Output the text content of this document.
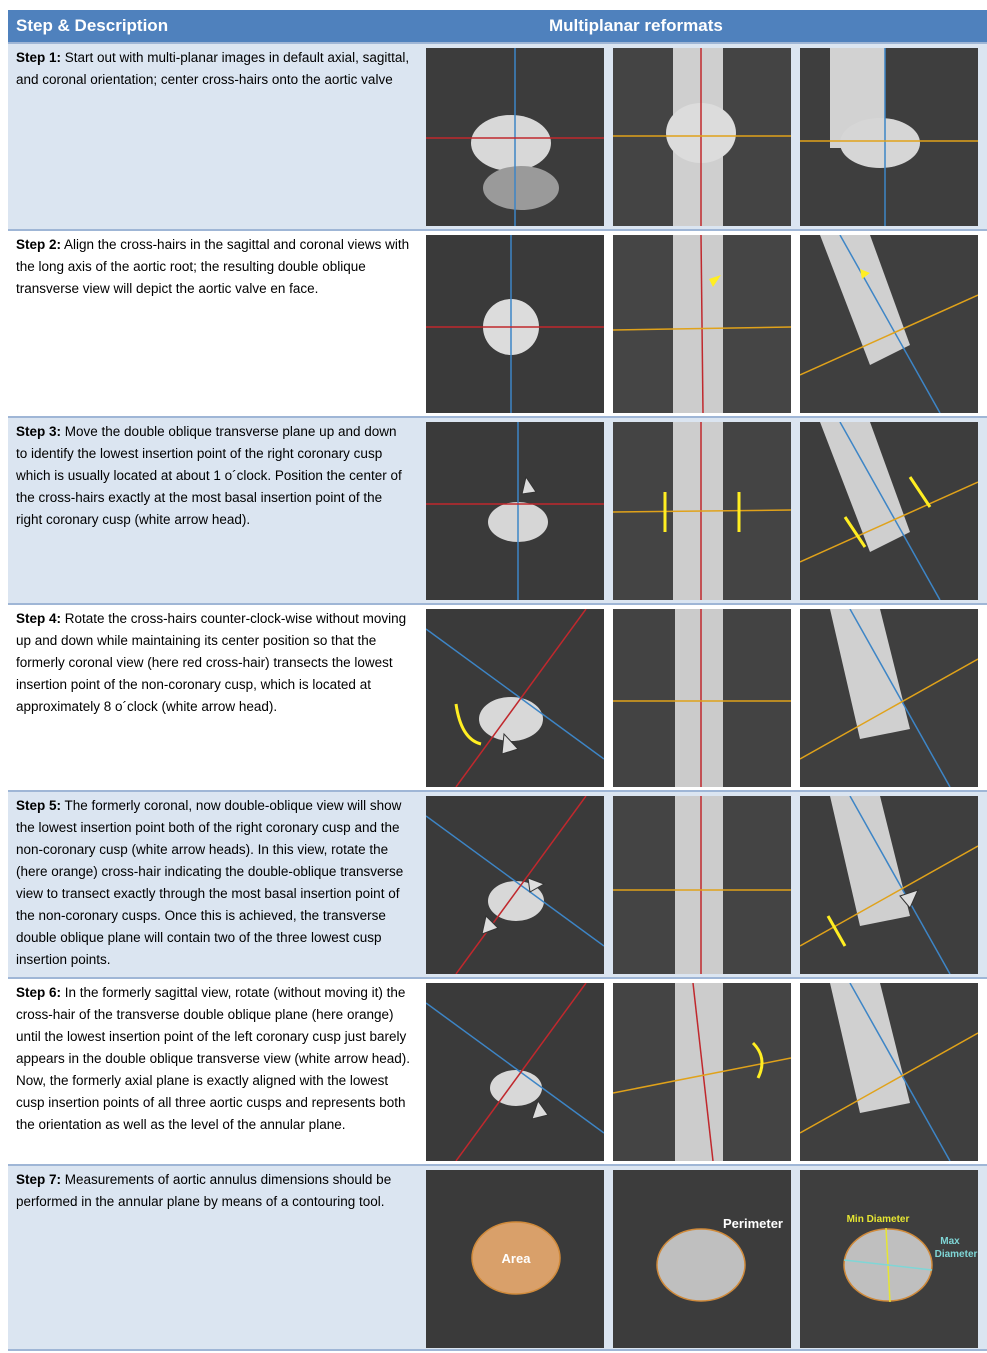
Step & Description	Multiplanar reformats
Step 1: Start out with multi-planar images in default axial, sagittal, and coronal orientation; center cross-hairs onto the aortic valve
Step 2: Align the cross-hairs in the sagittal and coronal views with the long axis of the aortic root; the resulting double oblique transverse view will depict the aortic valve en face.
Step 3: Move the double oblique transverse plane up and down to identify the lowest insertion point of the right coronary cusp which is usually located at about 1 o´clock. Position the center of the cross-hairs exactly at the most basal insertion point of the right coronary cusp (white arrow head).
Step 4: Rotate the cross-hairs counter-clock-wise without moving up and down while maintaining its center position so that the formerly coronal view (here red cross-hair) transects the lowest insertion point of the non-coronary cusp, which is located at approximately 8 o´clock (white arrow head).
Step 5: The formerly coronal, now double-oblique view will show the lowest insertion point both of the right coronary cusp and the non-coronary cusp (white arrow heads). In this view, rotate the (here orange) cross-hair indicating the double-oblique transverse view to transect exactly through the most basal insertion point of the non-coronary cusps. Once this is achieved, the transverse double oblique plane will contain two of the three lowest cusp insertion points.
Step 6: In the formerly sagittal view, rotate (without moving it) the cross-hair of the transverse double oblique plane (here orange) until the lowest insertion point of the left coronary cusp just barely appears in the double oblique transverse view (white arrow head). Now, the formerly axial plane is exactly aligned with the lowest cusp insertion points of all three aortic cusps and represents both the orientation as well as the level of the annular plane.
Step 7: Measurements of aortic annulus dimensions should be performed in the annular plane by means of a contouring tool.
Area
Perimeter	Min Diameter
Max
Diameter
